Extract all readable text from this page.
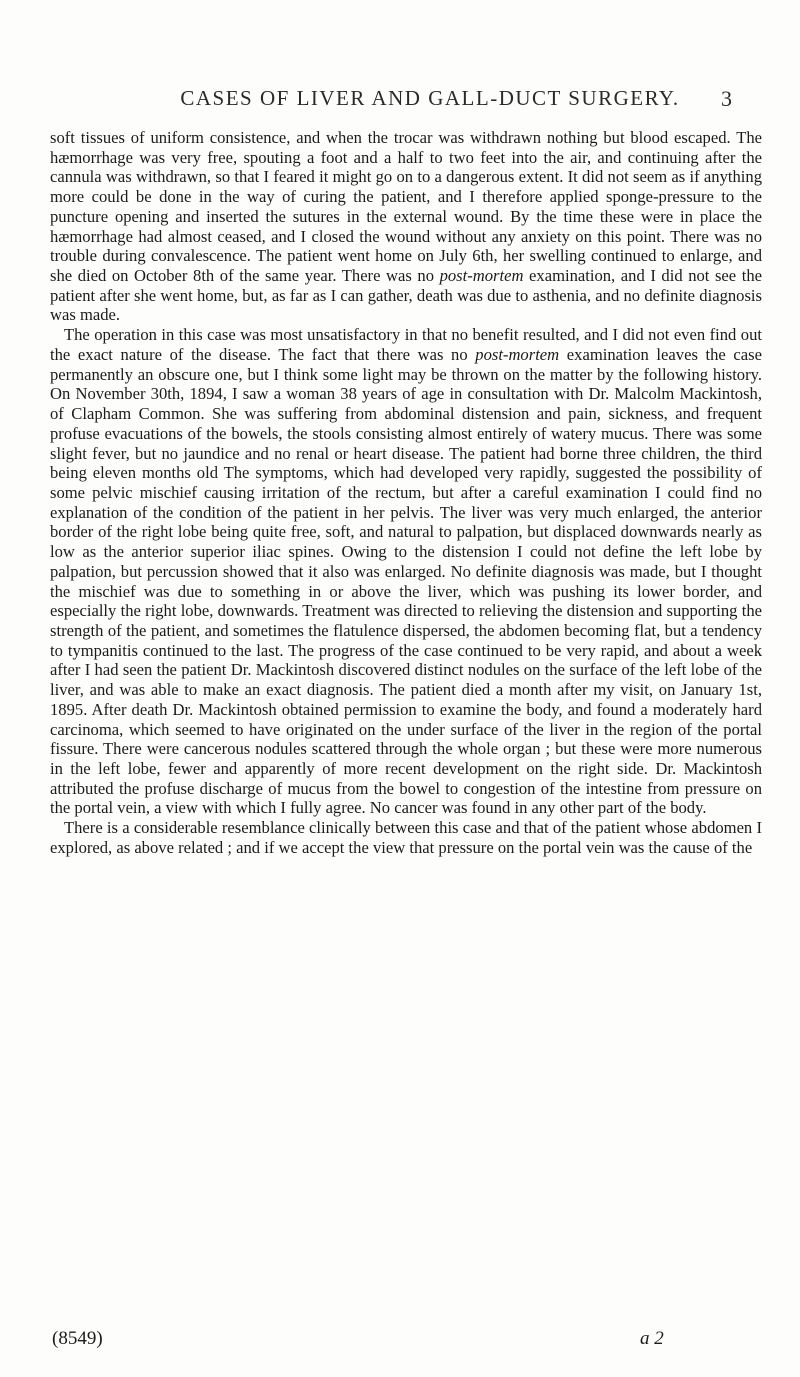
CASES OF LIVER AND GALL-DUCT SURGERY.	3

soft tissues of uniform consistence, and when the trocar was withdrawn nothing but blood escaped. The hæmorrhage was very free, spouting a foot and a half to two feet into the air, and continuing after the cannula was withdrawn, so that I feared it might go on to a dangerous extent. It did not seem as if anything more could be done in the way of curing the patient, and I therefore applied sponge-pressure to the puncture opening and inserted the sutures in the external wound. By the time these were in place the hæmorrhage had almost ceased, and I closed the wound without any anxiety on this point. There was no trouble during convalescence. The patient went home on July 6th, her swelling continued to enlarge, and she died on October 8th of the same year. There was no post-mortem examination, and I did not see the patient after she went home, but, as far as I can gather, death was due to asthenia, and no definite diagnosis was made.

The operation in this case was most unsatisfactory in that no benefit resulted, and I did not even find out the exact nature of the disease. The fact that there was no post-mortem examination leaves the case permanently an obscure one, but I think some light may be thrown on the matter by the following history. On November 30th, 1894, I saw a woman 38 years of age in consultation with Dr. Malcolm Mackintosh, of Clapham Common. She was suffering from abdominal distension and pain, sickness, and frequent profuse evacuations of the bowels, the stools consisting almost entirely of watery mucus. There was some slight fever, but no jaundice and no renal or heart disease. The patient had borne three children, the third being eleven months old The symptoms, which had developed very rapidly, suggested the possibility of some pelvic mischief causing irritation of the rectum, but after a careful examination I could find no explanation of the condition of the patient in her pelvis. The liver was very much enlarged, the anterior border of the right lobe being quite free, soft, and natural to palpation, but displaced downwards nearly as low as the anterior superior iliac spines. Owing to the distension I could not define the left lobe by palpation, but percussion showed that it also was enlarged. No definite diagnosis was made, but I thought the mischief was due to something in or above the liver, which was pushing its lower border, and especially the right lobe, downwards. Treatment was directed to relieving the distension and supporting the strength of the patient, and sometimes the flatulence dispersed, the abdomen becoming flat, but a tendency to tympanitis continued to the last. The progress of the case continued to be very rapid, and about a week after I had seen the patient Dr. Mackintosh discovered distinct nodules on the surface of the left lobe of the liver, and was able to make an exact diagnosis. The patient died a month after my visit, on January 1st, 1895. After death Dr. Mackintosh obtained permission to examine the body, and found a moderately hard carcinoma, which seemed to have originated on the under surface of the liver in the region of the portal fissure. There were cancerous nodules scattered through the whole organ ; but these were more numerous in the left lobe, fewer and apparently of more recent development on the right side. Dr. Mackintosh attributed the profuse discharge of mucus from the bowel to congestion of the intestine from pressure on the portal vein, a view with which I fully agree. No cancer was found in any other part of the body.

There is a considerable resemblance clinically between this case and that of the patient whose abdomen I explored, as above related ; and if we accept the view that pressure on the portal vein was the cause of the

(8549)	a 2
